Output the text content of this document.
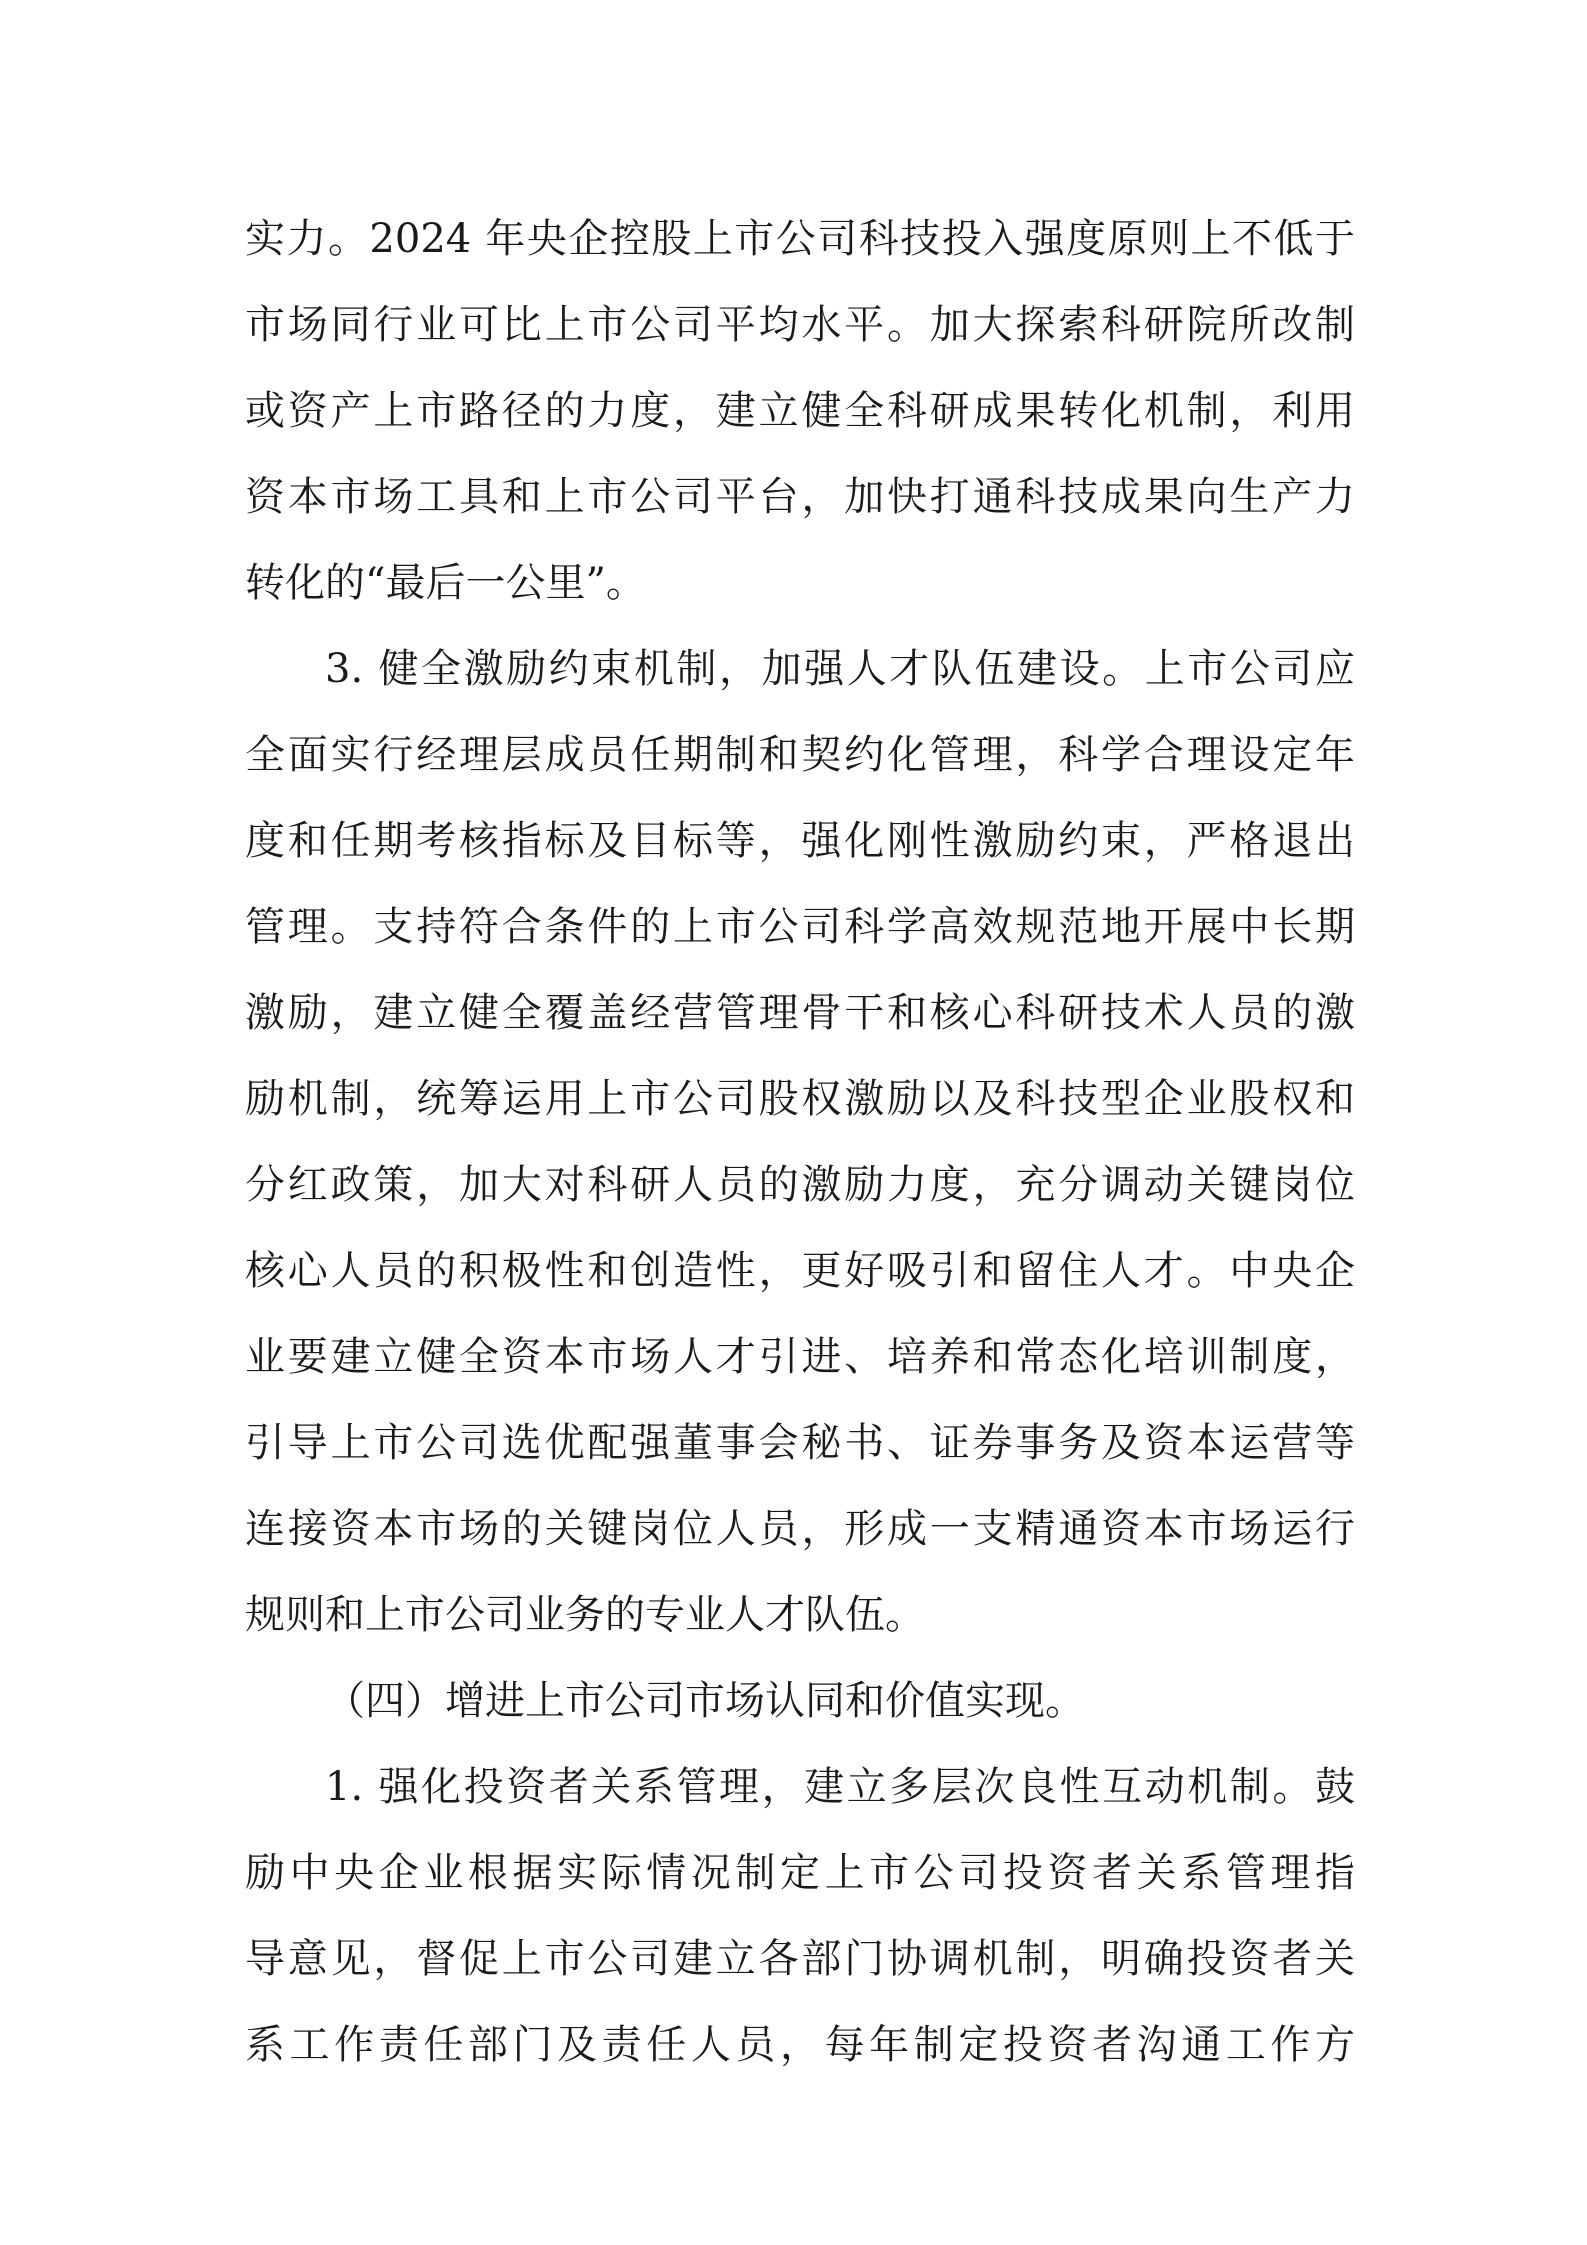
实力。2024 年央企控股上市公司科技投入强度原则上不低于
市场同行业可比上市公司平均水平。加大探索科研院所改制
或资产上市路径的力度，建立健全科研成果转化机制，利用
资本市场工具和上市公司平台，加快打通科技成果向生产力
转化的“最后一公里”。
3. 健全激励约束机制，加强人才队伍建设。上市公司应
全面实行经理层成员任期制和契约化管理，科学合理设定年
度和任期考核指标及目标等，强化刚性激励约束，严格退出
管理。支持符合条件的上市公司科学高效规范地开展中长期
激励，建立健全覆盖经营管理骨干和核心科研技术人员的激
励机制，统筹运用上市公司股权激励以及科技型企业股权和
分红政策，加大对科研人员的激励力度，充分调动关键岗位
核心人员的积极性和创造性，更好吸引和留住人才。中央企
业要建立健全资本市场人才引进、培养和常态化培训制度，
引导上市公司选优配强董事会秘书、证券事务及资本运营等
连接资本市场的关键岗位人员，形成一支精通资本市场运行
规则和上市公司业务的专业人才队伍。
（四）增进上市公司市场认同和价值实现。
1. 强化投资者关系管理，建立多层次良性互动机制。鼓
励中央企业根据实际情况制定上市公司投资者关系管理指
导意见，督促上市公司建立各部门协调机制，明确投资者关
系工作责任部门及责任人员，每年制定投资者沟通工作方
